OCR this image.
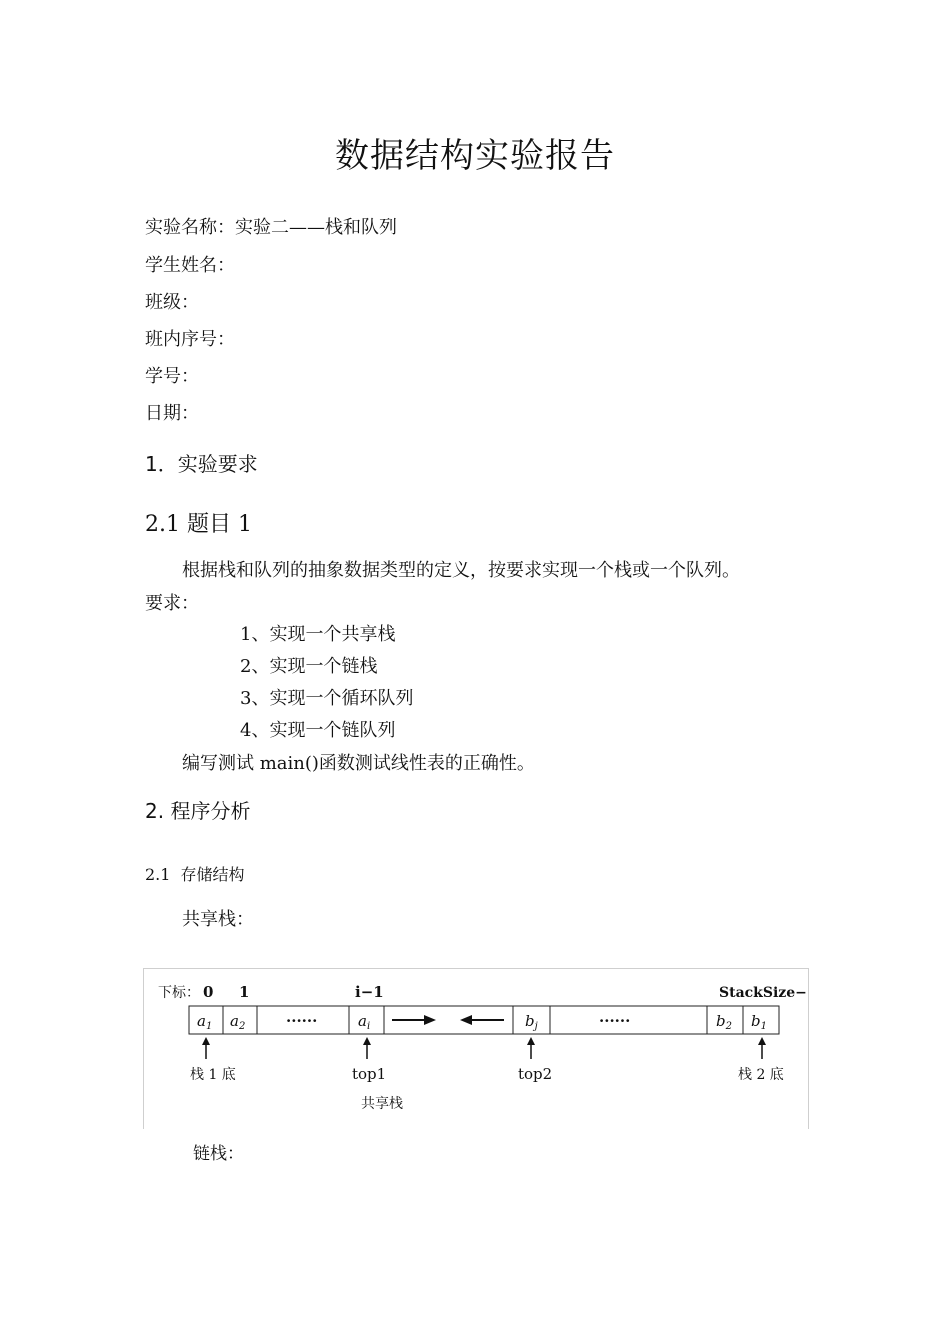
数据结构实验报告
实验名称：实验二——栈和队列
学生姓名：
班级：
班内序号：
学号：
日期：
1．实验要求
2.1 题目 1
根据栈和队列的抽象数据类型的定义，按要求实现一个栈或一个队列。
要求：
1、实现一个共享栈
2、实现一个链栈
3、实现一个循环队列
4、实现一个链队列
编写测试 main()函数测试线性表的正确性。
2. 程序分析
2.1 存储结构
共享栈：
下标： 0 1	i−1	StackSize−1
$a_1$ $a_2$	······	$a_i$	$b_j$	······	$b_2$ $b_1$
栈 1 底	top1	top2	栈 2 底
共享栈
链栈：
